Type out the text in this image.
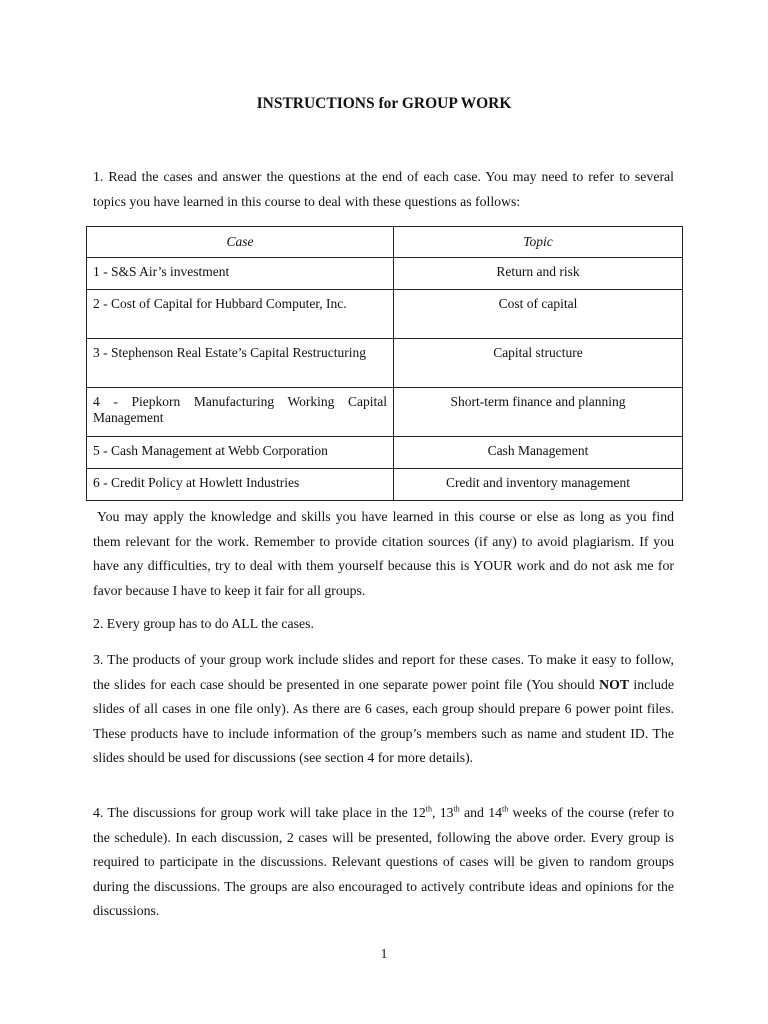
INSTRUCTIONS for GROUP WORK
1. Read the cases and answer the questions at the end of each case. You may need to refer to several topics you have learned in this course to deal with these questions as follows:
Case	Topic
1 - S&S Air’s investment	Return and risk
2 - Cost of Capital for Hubbard Computer, Inc.	Cost of capital
3 - Stephenson Real Estate’s Capital Restructuring	Capital structure
4 - Piepkorn Manufacturing Working Capital Management	Short-term finance and planning
5 - Cash Management at Webb Corporation	Cash Management
6 - Credit Policy at Howlett Industries	Credit and inventory management
You may apply the knowledge and skills you have learned in this course or else as long as you find them relevant for the work. Remember to provide citation sources (if any) to avoid plagiarism. If you have any difficulties, try to deal with them yourself because this is YOUR work and do not ask me for favor because I have to keep it fair for all groups.
2. Every group has to do ALL the cases.
3. The products of your group work include slides and report for these cases. To make it easy to follow, the slides for each case should be presented in one separate power point file (You should NOT include slides of all cases in one file only). As there are 6 cases, each group should prepare 6 power point files. These products have to include information of the group’s members such as name and student ID. The slides should be used for discussions (see section 4 for more details).
4. The discussions for group work will take place in the 12th, 13th and 14th weeks of the course (refer to the schedule). In each discussion, 2 cases will be presented, following the above order. Every group is required to participate in the discussions. Relevant questions of cases will be given to random groups during the discussions. The groups are also encouraged to actively contribute ideas and opinions for the discussions.
1
